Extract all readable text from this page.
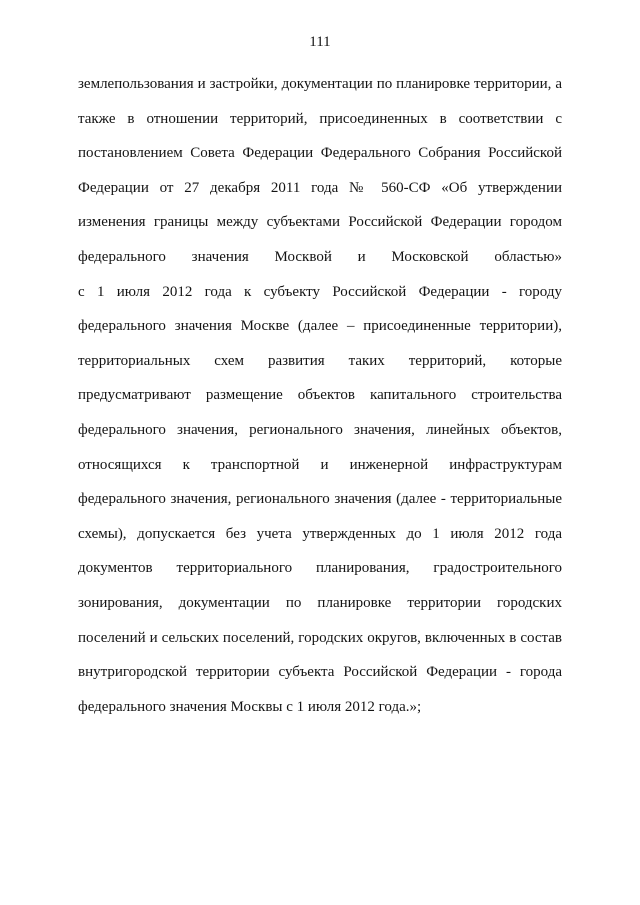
111
землепользования и застройки, документации по планировке территории, а
также в отношении территорий, присоединенных в соответствии с
постановлением Совета Федерации Федерального Собрания Российской
Федерации от 27 декабря 2011 года № 560-СФ «Об утверждении
изменения границы между субъектами Российской Федерации городом
федерального значения Москвой и Московской областью»
с 1 июля 2012 года к субъекту Российской Федерации - городу
федерального значения Москве (далее – присоединенные территории),
территориальных схем развития таких территорий, которые
предусматривают размещение объектов капитального строительства
федерального значения, регионального значения, линейных объектов,
относящихся к транспортной и инженерной инфраструктурам
федерального значения, регионального значения (далее - территориальные
схемы), допускается без учета утвержденных до 1 июля 2012 года
документов территориального планирования, градостроительного
зонирования, документации по планировке территории городских
поселений и сельских поселений, городских округов, включенных в состав
внутригородской территории субъекта Российской Федерации - города
федерального значения Москвы с 1 июля 2012 года.»;
